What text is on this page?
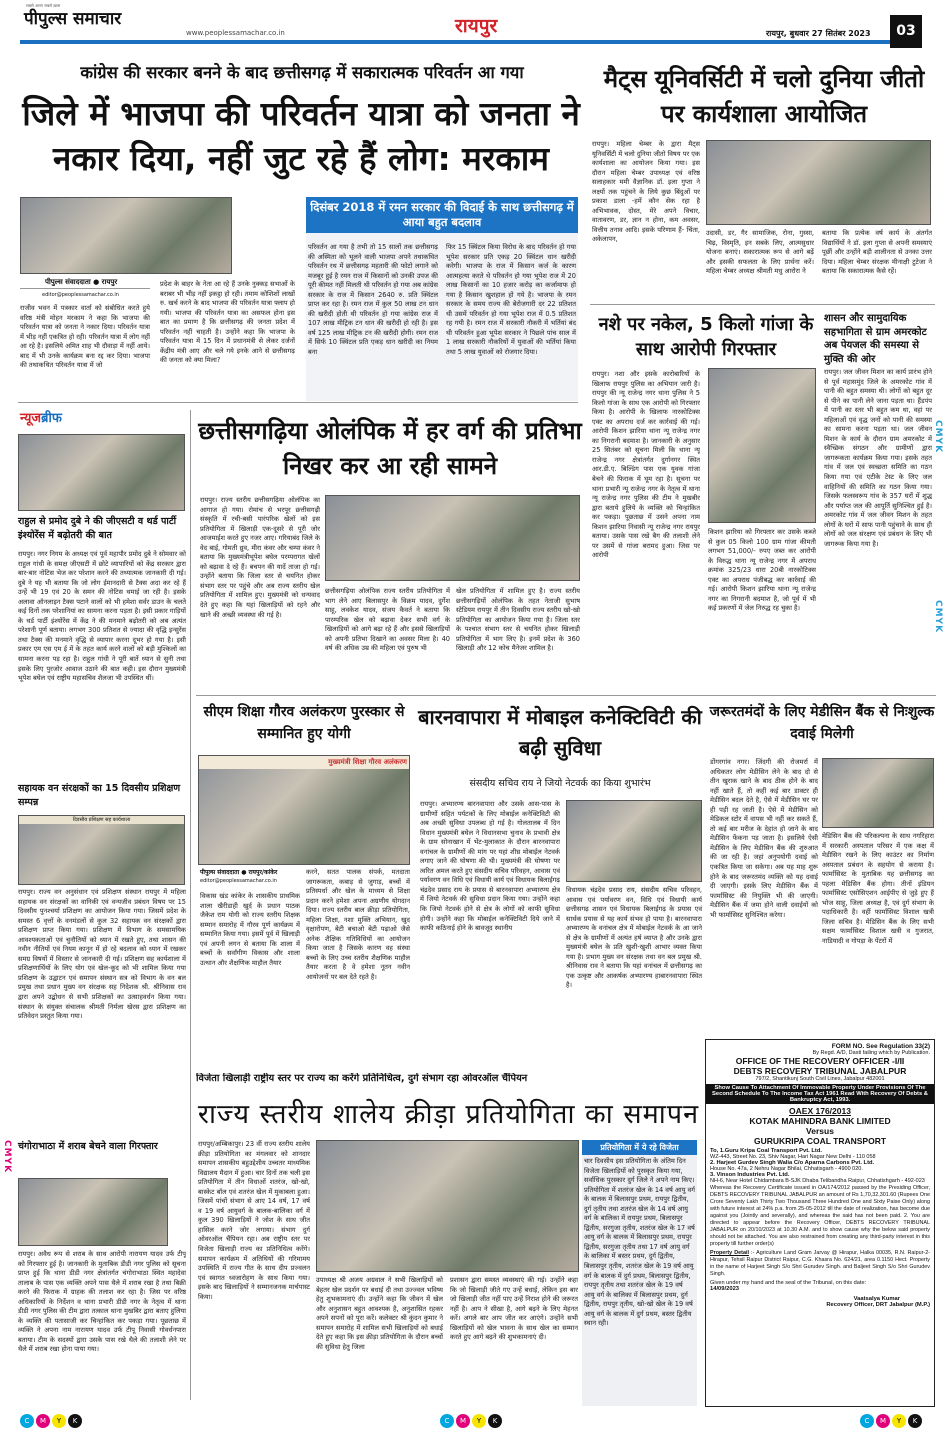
सबसे अलग सबसे ख़ास
पीपुल्स समाचार
www.peoplessamachar.co.in	रायपुर	रायपुर, बुधवार 27 सितंबर 2023	03
कांग्रेस की सरकार बनने के बाद छत्तीसगढ़ में सकारात्मक परिवर्तन आ गया
जिले में भाजपा की परिवर्तन यात्रा को जनता ने नकार दिया, नहीं जुट रहे हैं लोग: मरकाम
पीपुल्स संवाददाता ● रायपुर
editor@peoplessamachar.co.in
राजीव भवन में पत्रकार वार्ता को संबोधित करते हुये वरिष्ठ मंत्री मोहन मरकाम ने कहा कि भाजपा की परिवर्तन यात्रा को जनता ने नकार दिया। परिवर्तन यात्रा में भीड़ नहीं एकत्रित हो रही। परिवर्तन यात्रा में लोग नहीं आ रहे है। इसलिये अमित शाह भी दौवाड़ा में नहीं आये। बाद में भी उनके कार्यक्रम बना रद्द कर दिया। भाजपा की तथाकथित परिवर्तन यात्रा में जो
प्रदेश के बाहर के नेता आ रहे हैं उनके नुक्कड़ सभाओं के बराबर भी भीड़ नहीं इकट्ठा हो रही। तमाम कोशिशों लाखों रु. खर्च करने के बाद भाजपा की परिवर्तन यात्रा फ्लाप हो गयी। भाजपा की परिवर्तन यात्रा का असफल होना इस बात का प्रमाण है कि छत्तीसगढ़ की जनता प्रदेश में परिवर्तन नहीं चाहती है। उन्होंने कहा कि भाजपा के परिवर्तन यात्रा में 15 दिन में प्रधानमंत्री से लेकर दर्जनों केंद्रीय मंत्री आए और चले गये इनके आने से छत्तीसगढ़ की जनता को क्या मिला?
दिसंबर 2018 में रमन सरकार की विदाई के साथ छत्तीसगढ़ में आया बहुत बदलाव
परिवर्तन आ गया है तभी तो 15 सालों तक छत्तीसगढ़ की अस्मिता को भूलने वाली भाजपा अपने तथाकथित परिवर्तन रथ में छत्तीसगढ़ महतारी की फोटो लगाने को मजबूर हुई है रमन राज में किसानों को उनकी उपज की पूरी कीमत नहीं मिलती थी परिवर्तन हो गया अब कांग्रेस सरकार के राज में किसान 2640 रु. प्रति क्विंटल प्राप्त कर रहा है। रमन राज में कुल 50 लाख टन धान की खरीदी होती थी परिवर्तन हो गया कांग्रेस राज में 107 लाख मीट्रिक टन धान की खरीदी हो रही है। इस वर्ष 125 लाख मीट्रिक टन की खरीदी होगी। रमन राज में सिर्फ 10 क्विंटल प्रति एकड़ धान खरीदी का नियम बना
फिर 15 क्विंटल किया विरोध के बाद परिवर्तन हो गया भूपेश सरकार प्रति एकड़ 20 क्विंटल धान खरीदी करेगी। भाजपा के राज में किसान कर्ज के कारण आत्महत्या करते थे परिवर्तन हो गया भूपेश राज में 20 लाख किसानों का 10 हजार करोड़ का कर्जामाफ हो गया है किसान खुशहाल हो गये है। भाजपा के रमन सरकार के समय राज्य की बेरोजगारी दर 22 प्रतिशत थी उसमें परिवर्तन हो गया भूपेश राज में 0.5 प्रतिशत रह गयी है। रमन राज में सरकारी नौकरी में भर्तियां बंद थी परिवर्तन हुआ भूपेश सरकार ने पिछले पांच साल में 1 लाख सरकारी नौकरियों में युवाओं की भर्तियां किया तथा 5 लाख युवाओं को रोजगार दिया।
मैट्स यूनिवर्सिटी में चलो दुनिया जीतो पर कार्यशाला आयोजित
रायपुर। महिला चेम्बर के द्वारा मैट्स यूनिवर्सिटी में चलो दुनिया जीतो विषय पर एक कार्यशाला का आयोजन किया गया। इस दौरान महिला चेम्बर उपाध्यक्ष एवं वरिष्ठ सलाहकार ममी वैज्ञानिक डॉ. इला गुप्ता ने लक्ष्यों तक पहुंचने के लिये कुछ बिंदुओं पर प्रकाश डाला -हमें कौन सेक रहा है अभिभावक, दोस्त, मेरे अपने विचार, वातावरण, डर, ज्ञान न होना, कम अवसर, वित्तीय तनाव आदि। इसके परिणाम हैं- चिंता, अकेलापन,
उदासी, डर, गैर सामाजिक, रोना, गुस्सा, चिढ़, विस्मृति, इन सबके लिए, आत्मसुधार योजना बनाएं। सकारात्मक रूप से आगे बढ़ें और इसकी सफलता के लिए प्रार्थना करें। महिला चेम्बर अध्यक्ष श्रीमती मधु आरोरा ने
बताया कि प्रत्येक वर्ष कार्य के अंतर्गत विद्यार्थियों ने डॉ. इला गुप्ता से अपनी समस्याएं पूछीं और उन्होंने बड़ी शालीनता से उनका उत्तर दिया। महिला चेम्बर संरक्षक मीनाक्षी टुटेजा ने बताया कि सकारात्मक कैसे रहें।
नशे पर नकेल, 5 किलो गांजा के साथ आरोपी गिरफ्तार
रायपुर। नशा और इसके कारोबारियों के खिलाफ रायपुर पुलिस का अभियान जारी है। रायपुर की न्यू राजेन्द्र नगर थाना पुलिस ने 5 किलो गांजा के साथ एक आरोपी को गिरफ्तार किया है। आरोपी के खिलाफ नारकोटिक्स एक्ट का अपराध दर्ज कर कार्रवाई की गई। आरोपी किशन झारिया थाना न्यू राजेन्द्र नगर का निगरानी बदमाश है। जानकारी के अनुसार 25 सितंबर को सूचना मिली कि थाना न्यू राजेन्द्र नगर क्षेत्रांतर्गत दुर्गानगर स्थित आर.डी.ए. बिल्डिंग पास एक युवक गांजा बेचने की फिराक में घूम रहा है। सूचना पर थाना प्रभारी न्यू राजेन्द्र नगर के नेतृत्व में थाना न्यू राजेन्द्र नगर पुलिस की टीम ने मुखबीर द्वारा बताये हुलिये के व्यक्ति को चिन्हांकित कर पकड़ा। पूछताछ में उसने अपना नाम किशन झारिया निवासी न्यू राजेन्द्र नगर रायपुर बताया। उसके पास रखे बैग की तलाशी लेने पर उसमें से गांजा बरामद हुआ। जिस पर आरोपी
किशन झारिया को गिरफ्तार कर उसके कब्जे से कुल 05 किलो 100 ग्राम गांजा कीमती लगभग 51,000/- रुपए जब्त कर आरोपी के विरुद्ध थाना न्यू राजेन्द्र नगर में अपराध क्रमांक 325/23 धारा 20बी नारकोटिक्स एक्ट का अपराध पंजीबद्ध कर कार्रवाई की गई। आरोपी किशन झारिया थाना न्यू राजेन्द्र नगर का निगरानी बदमाश है, जो पूर्व में भी कई प्रकरणों में जेल निरुद्ध रह चुका है।
शासन और सामुदायिक सहभागिता से ग्राम अमरकोट अब पेयजल की समस्या से मुक्ति की ओर
रायपुर। जल जीवन मिशन का कार्य प्रारंभ होने से पूर्व महासमुंद जिले के अमरकोट गांव में पानी की बहुत समस्या थी। लोगों को बहुत दूर से पीने का पानी लेने जाना पड़ता था। हैंडपंप में पानी का स्तर भी बहुत कम था, वहां पर महिलाओं एवं वृद्ध जनों को पानी की समस्या का सामना करना पड़ता था। जल जीवन मिशन के कार्य के दौरान ग्राम अमरकोट में स्वैच्छिक संगठन और ग्रामीणों द्वारा जागरूकता कार्यक्रम किया गया। इसके तहत गांव में जल एवं स्वच्छता समिति का गठन किया गया एवं एटीके टेस्ट के लिए जल वाहिनियों की समिति का गठन किया गया। जिसके फलस्वरूप गांव के 357 घरों में शुद्ध और पर्याप्त जल की आपूर्ति सुनिश्चित हुई है। अमरकोट गांव में जल जीवन मिशन के तहत लोगों के घरों में साफ पानी पहुंचाने के साथ ही लोगों को जल संरक्षण एवं प्रबंधन के लिए भी जागरूक किया गया है।
न्यूजब्रीफ
राहुल से प्रमोद दुबे ने की जीएसटी व थर्ड पार्टी इंश्योरेंस में बढ़ोतरी की बात
रायपुर। नगर निगम के अध्यक्ष एवं पूर्व महापौर प्रमोद दुबे ने सोमवार को राहुल गांधी के समक्ष जीएसटी में छोटे व्यापारियों को केंद्र सरकार द्वारा बार-बार नोटिस भेज कर परेशान करने की तथ्यात्मक जानकारी दी गई। दुबे ने यह भी बताया कि जो लोग ईमानदारी से टैक्स अदा कर रहे हैं उन्हें भी 19 एवं 20 के समन की नोटिस थमाई जा रही है। इसके अलावा ऑनलाइन टैक्स पटाने वालों को भी हमेशा सर्वर डाउन के चलते कई दिनों तक परेशानियां का सामना करना पड़ता है। इसी प्रकार गाड़ियों के थर्ड पार्टी इंश्योरेंस में केंद्र ने की मनमाने बढ़ोतरी को अब अत्यंत परेशानी पूर्ण बताया। लगभग 300 प्रतिशत से ज्यादा की वृद्धि इन्सुरेंस तथा टैक्स की मनमाने वृद्धि से व्यापार करना दूभर हो गया है। इसी प्रकार एम एस एम ई में के तहत कार्य करने वालों को बड़ी मुश्किलों का सामना करना पड़ रहा है। राहुल गांधी ने पूरी बातें ध्यान से सुनी तथा इसके लिए पुरजोर आवाज उठाने की बात कही। इस दौरान मुख्यमंत्री भूपेश बघेल एवं राष्ट्रीय महासचिव शैलजा भी उपस्थित थीं।
सहायक वन संरक्षकों का 15 दिवसीय प्रशिक्षण सम्पन्न
दिवसीय प्रशिक्षण सह कार्यशाला
रायपुर। राज्य वन अनुसंधान एवं प्रशिक्षण संस्थान रायपुर में महिला सहायक वन संरक्षकों का वानिकी एवं वन्यजीव प्रबंधन विषय पर 15 दिवसीय पुनश्चर्या प्रशिक्षण का आयोजन किया गया। जिसमें प्रदेश के समस्त 6 वृत्तों के वनमंडलों से कुल 32 सहायक वन संरक्षकों द्वारा प्रशिक्षण प्राप्त किया गया। प्रशिक्षण में विभाग के समसामयिक आवश्यकताओं एवं चुनौतियों को ध्यान में रखते हुए, तथा शासन की नवीन नीतियों एवं नियम कानून में हो रहे बदलाव को ध्यान में रखकर समग्र विषयों में विस्तार से जानकारी दी गई। प्रशिक्षण सह कार्यशाला में प्रशिक्षणार्थियों के लिए योग एवं खेल-कूद को भी शामिल किया गया प्रशिक्षण के उद्घाटन एवं समापन संस्थान सत्र को विभाग के वन बल प्रमुख तथा प्रधान मुख्य वन संरक्षक सह निदेशक श्री. श्रीनिवास राव द्वारा अपने उद्बोधन से सभी प्रशिक्षकों का उत्साहवर्धन किया गया। संस्थान के संयुक्त संचालक श्रीमती निर्मला खेरस द्वारा प्रशिक्षण का प्रतिवेदन प्रस्तुत किया गया।
चंगोराभाठा में शराब बेचने वाला गिरफ्तार
रायपुर। अवैध रूप से शराब के साथ आरोपी नारायण यादव उर्फ टीपू को गिरफ्तार हुई है। जानकारी के मुताबिक डीडी नगर पुलिस को सूचना प्राप्त हुई कि थाना डीडी नगर क्षेत्रांतर्गत चंगोराभाठा स्थित महादेवा तालाब के पास एक व्यक्ति अपने पास थैले में शराब रखा है तथा बिक्री करने की फिराक में ग्राहक की तलाश कर रहा है। जिस पर वरिष्ठ अधिकारियों के निर्देशन व थाना प्रभारी डीडी नगर के नेतृत्व में थाना डीडी नगर पुलिस की टीम द्वारा तत्काल थाना मुखबिर द्वारा बताए हुलिया के व्यक्ति की पतासाजी कर चिन्हांकित कर पकड़ा गया। पूछताछ में व्यक्ति ने अपना नाम नारायण यादव उर्फ टीपू निवासी गोवर्धनपारा बताया। टीम के सदस्यों द्वारा उसके पास रखे थैले की तलाशी लेने पर थैले में शराब रखा होना पाया गया।
छत्तीसगढ़िया ओलंपिक में हर वर्ग की प्रतिभा निखर कर आ रही सामने
रायपुर। राज्य स्तरीय छत्तीसगढ़िया ओलंपिक का आगाज हो गया। रोमांच से भरपूर छत्तीसगढ़ी संस्कृति में रची-बसी पारंपरिक खेलों को इस प्रतियोगिता में खिलाड़ी एक-दूसरे से पूरी जोर आजमाईश करते हुए नजर आए। गरियाबंद जिले के वेद बाई, गोमती ध्रुव, मीरा कंवर और चम्पा कंवर ने बताया कि मुख्यमंत्रीभूपेश बघेल परम्परागत खेलों को बढ़ावा दे रहे हैं। बचपन की यादें ताजा हो गई। उन्होंने बताया कि जिला स्तर से चयनित होकर संभाग स्तर पर पहुंचे और अब राज्य स्तरीय खेल प्रतियोगिता में शामिल हुए। मुख्यमंत्री को धन्यवाद देते हुए कहा कि यहां खिलाड़ियों को रहने और खाने की अच्छी व्यवस्था की गई है।
छत्तीसगढ़िया ओलंपिक राज्य स्तरीय प्रतियोगिता में भाग लेने आए बिलासपुर के विक्रम यादव, दुर्गेश साहू, लवकेश यादव, संजय कैवर्त ने बताया कि पारम्परिक खेल को बढ़ावा देकर सभी वर्ग के खिलाड़ियों को आगे बढ़ा रहे हैं और इससे खिलाड़ियों को अपनी प्रतिभा दिखाने का अवसर मिला है। 40 वर्ष की अधिक उम्र की महिला एवं पुरुष भी
खेल प्रतियोगिता में शामिल हुए है। राज्य स्तरीय छत्तीसगढ़ियों ओलंपिक के तहत नेताजी सुभाष स्टेडियम रायपुर में तीन दिवसीय राज्य स्तरीय खो-खो प्रतियोगिता का आयोजन किया गया है। जिला स्तर के पश्चात संभाग स्तर से चयनित होकर खिलाड़ी प्रतियोगिता में भाग लिए है। इनमें प्रदेश के 360 खिलाड़ी और 12 कोच मैनेजर शामिल है।
सीएम शिक्षा गौरव अलंकरण पुरस्कार से सम्मानित हुए योगी
मुख्यमंत्री शिक्षा गौरव अलंकरण
पीपुल्स संवाददाता ● रायपुर/कांकेर
editor@peoplessamachar.co.in
विकास खंड कांकेर के शासकीय प्राथमिक शाला खैरीडाही खुर्द के प्रधान पाठक जैकेश राम योगी को राज्य स्तरीय शिक्षक सम्मान समारोह में गौरव पूर्ण कार्यक्रम में सम्मानित किया गया। इसमें पूर्व में खिलाड़ी एवं अपनी लगन से बताया कि शाला में बच्चों के सर्वांगीण विकास और शाला उत्थान और शैक्षणिक माहौल तैयार
करने, सतत पालक संपर्क, मतदाता जागरूकता, कबाड़ से जुगाड़, बच्चों में प्रतिस्पर्धा और खेल के माध्यम से शिक्षा प्रदान करने हमेशा अपना अग्रणीय योगदान दिया। राज्य स्तरीय बाल क्रीड़ा प्रतियोगिता, महिला शिक्षा, नशा मुक्ति अभियान, खुद वृक्षारोपण, बेटी बचाओ बेटी पढ़ाओ जैसे अनेक शैक्षिक गतिविधियों का आयोजन किया जाता है जिसके कारण वह संस्था बच्चों के लिए उच्च स्तरीय शैक्षणिक माहौल तैयार करता है वे हमेशा नूतन नवीन आयोजनों पर बल देते रहते है।
बारनवापारा में मोबाइल कनेक्टिविटी की बढ़ी सुविधा
संसदीय सचिव राय ने जियो नेटवर्क का किया शुभारंभ
रायपुर। अभ्यारण्य बारनवापारा और उसके आस-पास के ग्रामीणों सहित पर्यटकों के लिए मोबाईल कनेक्टिविटी की अब अच्छी सुविधा उपलब्ध हो गई है। गोलतालब में दिन विधान मुख्यमंत्री बघेल ने विधानसभा चुनाव के प्रभावी क्षेत्र के ग्राम सोनाखान में भेंट-मुलाकात के दौरान बारनवापारा वनांचल के ग्रामीणों की मांग पर यहां शीघ्र मोबाईल नेटवर्क लगाए जाने की घोषणा की थी। मुख्यमंत्री की घोषणा पर त्वरित अमल करते हुए संसदीय सचिव परिवहन, आवास एवं पर्यावरण वन विधि एवं विधायी कार्य एवं विधायक बिलाईगढ़ चंद्रदेव प्रसाद राय के प्रयास से बारनवापारा अभ्यारण्य क्षेत्र में जियो नेटवर्क की सुविधा प्रदान किया गया। उन्होंने कहा कि जियो नेटवर्क होने से क्षेत्र के लोगों को काफी सुविधा होगी। उन्होंने कहा कि मोबाईल कनेक्टिविटी दिये जाने में काफी कठिनाई होने के बावजूद स्थानीय
विधायक चंद्रदेव प्रसाद राय, संसदीय सचिव परिवहन, आवास एवं पर्यावरण वन, विधि एवं विधायी कार्य छत्तीसगढ़ शासन एवं विधायक बिलाईगढ़ के प्रयास एवं सार्थक प्रयास से यह कार्य संभव हो पाया है। बारनवापारा अभ्यारण्य के वनांचल क्षेत्र में मोबाईल नेटवर्क के आ जाने से क्षेत्र के ग्रामीणों में अत्यंत हर्ष व्याप्त है और उनके द्वारा मुख्यमंत्री बघेल के प्रति खुशी-खुशी आभार व्यक्त किया गया है। प्रभाग मुख्य वन संरक्षक तथा वन बल प्रमुख श्री. श्रीनिवास राव ने बताया कि यहां वनांचल में छत्तीसगढ़ का एक उत्कृष्ट और आकर्षक अभ्यारण्य हाबारनवापारा स्थित है।
जरूरतमंदों के लिए मेडीसिन बैंक से निःशुल्क दवाई मिलेगी
डोंगरगांव नगर। जिंदगी की रोजमर्रा में अधिकतर लोग मेडीसिन लेने के बाद दो से तीन खुराक खाने के बाद ठीक होने के बाद नहीं खाते हैं, तो कहीं कई बार डाक्टर ही मेडीसिन बदल देते है, ऐसे में मेडीसिन घर पर ही पड़ी रह जाती है। ऐसे में मेडीसिन को मेडिकल स्टोर में वापस भी नहीं कर सकते हैं, तो कई बार मरीज के देहांत हो जाने के बाद मेडीसिन फेंकना पड़ जाता है। इसलिये ऐसी मेडीसिन के लिए मेडीसिन बैंक की शुरुआत की जा रही है। जहां अनुपयोगी दवाई को एकत्रित किया जा सकेगा। अब यह माह शुरू होने के बाद जरूरतमंद व्यक्ति को यह दवाई दी जाएगी। इसके लिए मेडीसिन बैंक में फार्मासिस्ट की नियुक्ति भी की जाएगी। मेडीसिन बैंक में जमा होने वाली दवाईयों को भी फार्मासिस्ट सुनिश्चित करेगा।
मेडिसिन बैंक की परिकल्पना के साथ नगरिहारा में सरकारी अस्पताल परिसर में एक कक्ष में मेडीसिन रखने के लिए काउंटर का निर्माण अस्पताल प्रबंधन के सहयोग से कराया है। फार्मासिस्ट के मुताबिक यह छत्तीसगढ़ का पहला मेडिसिन बैंक होगा। तीनों इंडियन फार्मासिस्ट एसोसिएशन आईपीए से जुड़े हुए हैं भोज साहू, जिला अध्यक्ष है, एवं दुर्ग संभाग के पदाधिकारी है। वहीं फार्मासिस्ट विशाल खत्री जिला सचिव है। मेडिसिन बैंक के लिए सभी सक्षम फार्मासिस्ट विशाल खत्री व गुजरात, नाडियादी व गोपड़ा के पेंटरों में
विजेता खिलाड़ी राष्ट्रीय स्तर पर राज्य का करेंगे प्रतिनिधित्व, दुर्ग संभाग रहा ओवरऑल चैंपियन
राज्य स्तरीय शालेय क्रीड़ा प्रतियोगिता का समापन
रायपुर/अम्बिकापुर। 23 वीं राज्य स्तरीय शालेय क्रीड़ा प्रतियोगिता का मंगलवार को शानदार समापन शासकीय बहुउद्देशीय उच्चतर माध्यमिक विद्यालय मैदान में हुआ। चार दिनों तक चली इस प्रतियोगिता में तीन विधाओं शतरंज, खो-खो, बास्केट बॉल एवं शतरंज खेल में मुकाबला हुआ। जिसमें पांचों संभाग से आए 14 वर्ष, 17 वर्ष व 19 वर्ष आयुवर्ग के बालक-बालिका वर्ग में कुल 390 खिलाड़ियों ने जोश के साथ जीत हासिल करने जोर लगाया। संभाग दुर्ग ओवरऑल चैंपियन रहा। अब राष्ट्रीय स्तर पर विजेता खिलाड़ी राज्य का प्रतिनिधित्व करेंगे। समापन कार्यक्रम में अतिथियों की गरिमामय उपस्थिति में राज्य गीत के साथ दीप प्रज्वलन एवं स्वागत ध्वजारोहण के साथ किया गया। इसके बाद खिलाड़ियों ने सम्मानजनक मार्चपास्ट किया।
उपाध्यक्ष श्री अजय अग्रवाल ने सभी खिलाड़ियों को बेहतर खेल प्रदर्शन पर बधाई दी तथा उज्ज्वल भविष्य हेतु शुभकामनाएं दी। उन्होंने कहा कि जीवन में खेल और अनुशासन बहुत आवश्यक है, अनुशासित रहकर अपने सपनों को पूरा करें। कलेक्टर श्री कुंदन कुमार ने समापन समारोह में शामिल सभी खिलाड़ियों को बधाई देते हुए कहा कि इस क्रीड़ा प्रतियोगिता के दौरान बच्चों की सुविधा हेतु जिला
प्रशासन द्वारा समस्त व्यवस्थाएं की गई। उन्होंने कहा कि जो खिलाड़ी जीते गए उन्हें बधाई, लेकिन इस बार जो खिलाड़ी जीत नहीं पाए उन्हें निराश होने की जरूरत नहीं है। आप ने सीखा है, आगे बढ़ने के लिए मेहनत करें। अगले बार आप जीत कर आएंगे। उन्होंने सभी खिलाड़ियों को खेल भावना के साथ खेल का सम्मान करते हुए आगे बढ़ने की शुभकामनाएं दी।
प्रतियोगिता में ये रहे विजेता
चार दिवसीय इस प्रतियोगिता के अंतिम दिन विजेता खिलाड़ियों को पुरस्कृत किया गया, सर्वाधिक पुरस्कार दुर्ग जिले ने अपने नाम किए। प्रतियोगिता में शतरंज खेल के 14 वर्ष आयु वर्ग के बालक में बिलासपुर प्रथम, रायपुर द्वितीय, दुर्ग तृतीय तथा शतरंज खेल के 14 वर्ष आयु वर्ग के बालिका में रायपुर प्रथम, बिलासपुर द्वितीय, सरगुजा तृतीय, शतरंज खेल के 17 वर्ष आयु वर्ग के बालक में बिलासपुर प्रथम, रायपुर द्वितीय, सरगुजा तृतीय तथा 17 वर्ष आयु वर्ग के बालिका में बस्तर प्रथम, दुर्ग द्वितीय, बिलासपुर तृतीय, शतरंज खेल के 19 वर्ष आयु वर्ग के बालक में दुर्ग प्रथम, बिलासपुर द्वितीय, रायपुर तृतीय तथा शतरंज खेल के 19 वर्ष आयु वर्ग के बालिका में बिलासपुर प्रथम, दुर्ग द्वितीय, रायपुर तृतीय, खो-खो खेल के 19 वर्ष आयु वर्ग के बालक में दुर्ग प्रथम, बस्तर द्वितीय स्थान रही।
FORM NO. See Regulation 33(2)
By Regd. A/D, Dasti failing which by Publication.
OFFICE OF THE RECOVERY OFFICER -I/II
DEBTS RECOVERY TRIBUNAL JABALPUR
797/2, Shantikunj South Civil Lines, Jabalpur 482001
Show Cause To Attachment Of Immovable Property Under Provisions Of The Second Schedule To The Income Tax Act 1961 Read With Recovery Of Debts & Bankruptcy Act, 1993.
OAEX 176/2013
KOTAK MAHINDRA BANK LIMITED
Versus
GURUKRIPA COAL TRANSPORT
To, 1.Guru Kripa Coal Transport Pvt. Ltd.
WZ-443, Street No. 23, Shiv Nagar, Hari Nagar New Delhi - 110 058
2. Harjeet Gurdev Singh Walia C/o Aparna Carbons Pvt. Ltd.
House No. 47a, 2 Nehru Nagar Bhilai, Chhatisgarh - 4900 020.
3. Vinson Industries Pvt. Ltd.
NH-6, Near Hotel Chidambara B-SJK Dhaba Telibandha Raipur, Chhatishgarh - 492-023
Whereas the Recovery Certificate issued in OA/174/2012 passed by the Presiding Officer, DEBTS RECOVERY TRIBUNAL JABALPUR an amount of Rs 1,70,32,301.60 (Rupees One Crore Seventy Lakh Thirty Two Thousand Three Hundred One and Sixty Paise Only) along with future interest at 24% p.a. from 25-05-2012 till the date of realization, has become due against you (Jointly and severally), and whereas the said has not been paid. 2. You are directed to appear before the Recovery Officer, DEBTS RECOVERY TRIBUNAL JABALPUR on 20/10/2023 at 10.30 A.M. and to show cause why the below said property should not be attached. You are also restrained from creating any third-party interest in this property till further order(s)
Property Detail :- Agriculture Land Gram Jarvay @ Hirapur, Halka 00035, R.N. Raipur-2- Hirapur, Tehsil Raipur District Raipur, C.G. Khasra No. 624/21, area 0.1150 Hect. Property in the name of Harjeet Singh S/o Shri Gurudev Singh. and Baljeet Singh S/o Shri Gurudev Singh.
Given under my hand and the seal of the Tribunal, on this date:
14/09/2023
Vaatsalya Kumar
Recovery Officer, DRT Jabalpur (M.P.)
CMYK
CMYK
CMYK
C	M	Y	K	C	M	Y	K	C	M	Y	K
